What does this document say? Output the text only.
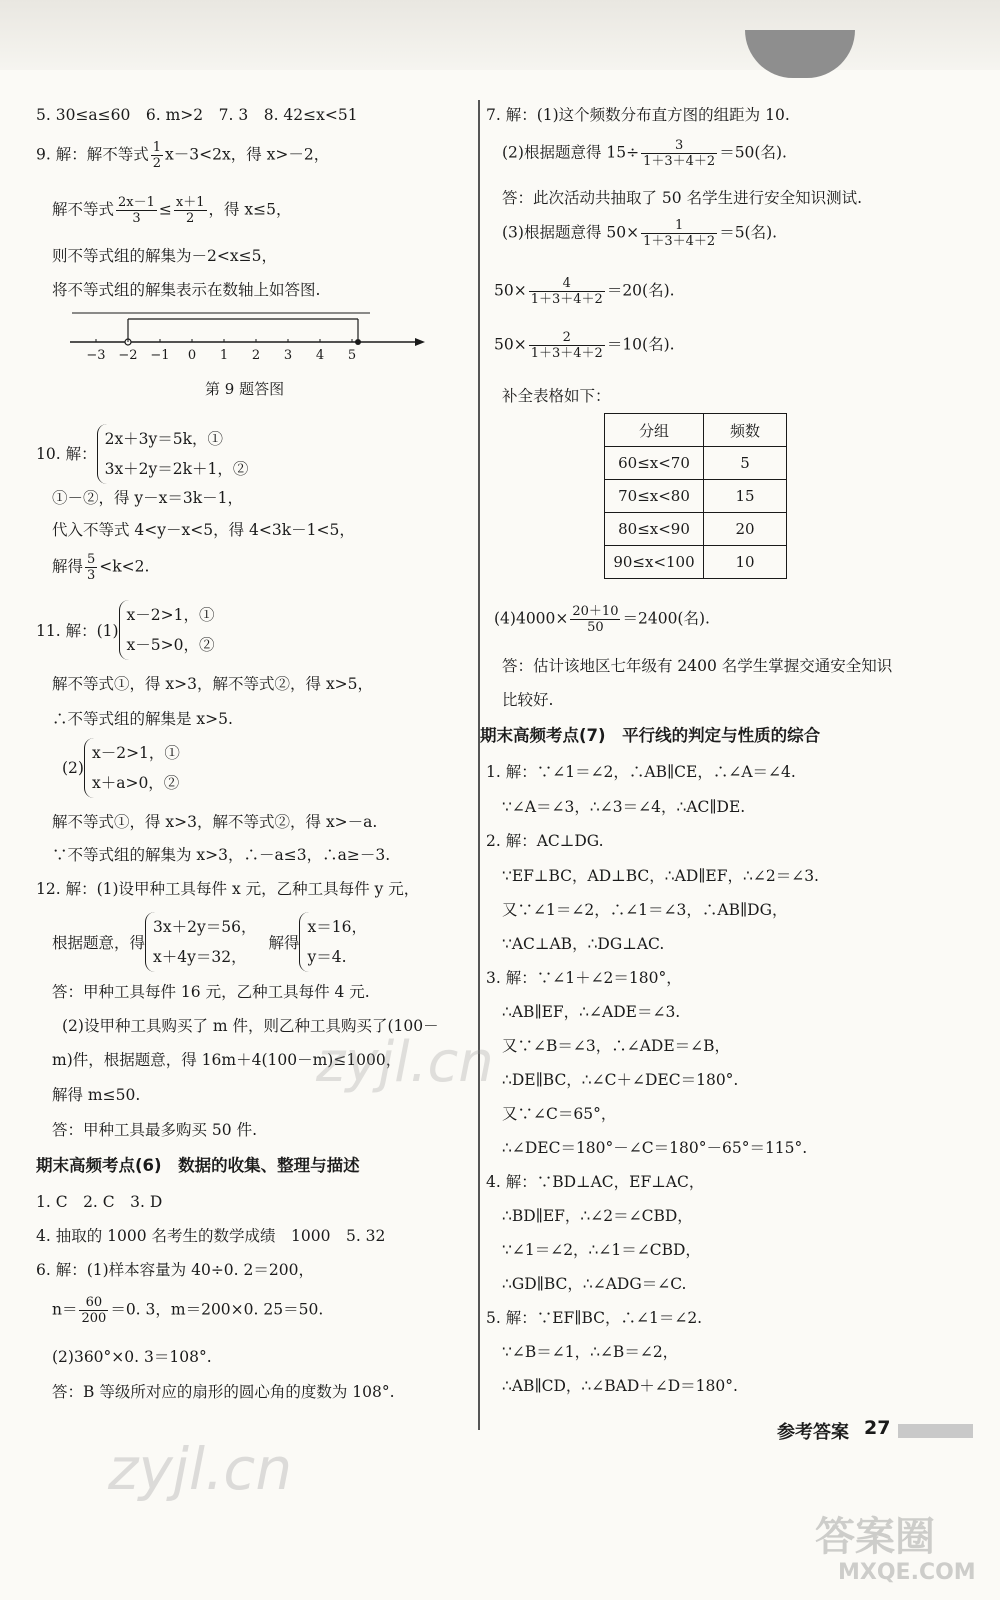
5. 30≤a≤60　6. m>2　7. 3　8. 42≤x<51
9. 解：解不等式 $\frac{1}{2} x-3<2x$，得 x>－2，
解不等式 $\frac{2x-1}{3} \le \frac{x+1}{2}$ ，得 x≤5，
则不等式组的解集为－2<x≤5，
将不等式组的解集表示在数轴上如答图.
−3 −2 −1 0 1 2 3 4 5
第 9 题答图
10. 解：
2x＋3y＝5k，①
3x＋2y＝2k＋1，②
①－②，得 y－x＝3k－1，
代入不等式 4<y－x<5，得 4<3k－1<5，
解得 $\frac{5}{3} <k<2$.
11. 解：(1)
x－2>1，①
x－5>0，②
解不等式①，得 x>3，解不等式②，得 x>5，
∴不等式组的解集是 x>5.
(2)
x－2>1，①
x＋a>0，②
解不等式①，得 x>3，解不等式②，得 x>－a.
∵不等式组的解集为 x>3，∴－a≤3，∴a≥－3.
12. 解：(1)设甲种工具每件 x 元，乙种工具每件 y 元，
根据题意，得
3x＋2y＝56，
x＋4y＝32，
解得
x＝16，
y＝4.
答：甲种工具每件 16 元，乙种工具每件 4 元.
(2)设甲种工具购买了 m 件，则乙种工具购买了(100－
m)件，根据题意，得 16m＋4(100－m)≤1000，
解得 m≤50.
答：甲种工具最多购买 50 件.
期末高频考点(6)　数据的收集、整理与描述
1. C　2. C　3. D
4. 抽取的 1000 名考生的数学成绩　1000　5. 32
6. 解：(1)样本容量为 40÷0. 2＝200，
$n= \frac{60}{200} =0$. 3，m＝200×0. 25＝50.
(2)360°×0. 3＝108°.
答：B 等级所对应的扇形的圆心角的度数为 108°.
7. 解：(1)这个频数分布直方图的组距为 10.
(2)根据题意得 $15\div \frac{3}{1+3+4+2} =50$(名).
答：此次活动共抽取了 50 名学生进行安全知识测试.
(3)根据题意得 $50\times \frac{1}{1+3+4+2} =5$(名).
$50\times \frac{4}{1+3+4+2} =20$(名).
$50\times \frac{2}{1+3+4+2} =10$(名).
补全表格如下：
$(4)4000\times \frac{20+10}{50} =2400$(名).
答：估计该地区七年级有 2400 名学生掌握交通安全知识
比较好.
期末高频考点(7)　平行线的判定与性质的综合
1. 解：∵∠1＝∠2，∴AB∥CE，∴∠A＝∠4.
∵∠A＝∠3，∴∠3＝∠4，∴AC∥DE.
2. 解：AC⊥DG.
∵EF⊥BC，AD⊥BC，∴AD∥EF，∴∠2＝∠3.
又∵∠1＝∠2，∴∠1＝∠3，∴AB∥DG，
∵AC⊥AB，∴DG⊥AC.
3. 解：∵∠1＋∠2＝180°，
∴AB∥EF，∴∠ADE＝∠3.
又∵∠B＝∠3，∴∠ADE＝∠B，
∴DE∥BC，∴∠C＋∠DEC＝180°.
又∵∠C＝65°，
∴∠DEC＝180°－∠C＝180°－65°＝115°.
4. 解：∵BD⊥AC，EF⊥AC，
∴BD∥EF，∴∠2＝∠CBD，
∵∠1＝∠2，∴∠1＝∠CBD，
∴GD∥BC，∴∠ADG＝∠C.
5. 解：∵EF∥BC，∴∠1＝∠2.
∵∠B＝∠1，∴∠B＝∠2，
∴AB∥CD，∴∠BAD＋∠D＝180°.
分组	频数
60≤x<70	5
70≤x<80	15
80≤x<90	20
90≤x<100	10
参考答案 27
zyjl.cn
zyjl.cn
答案圈
MXQE.COM
